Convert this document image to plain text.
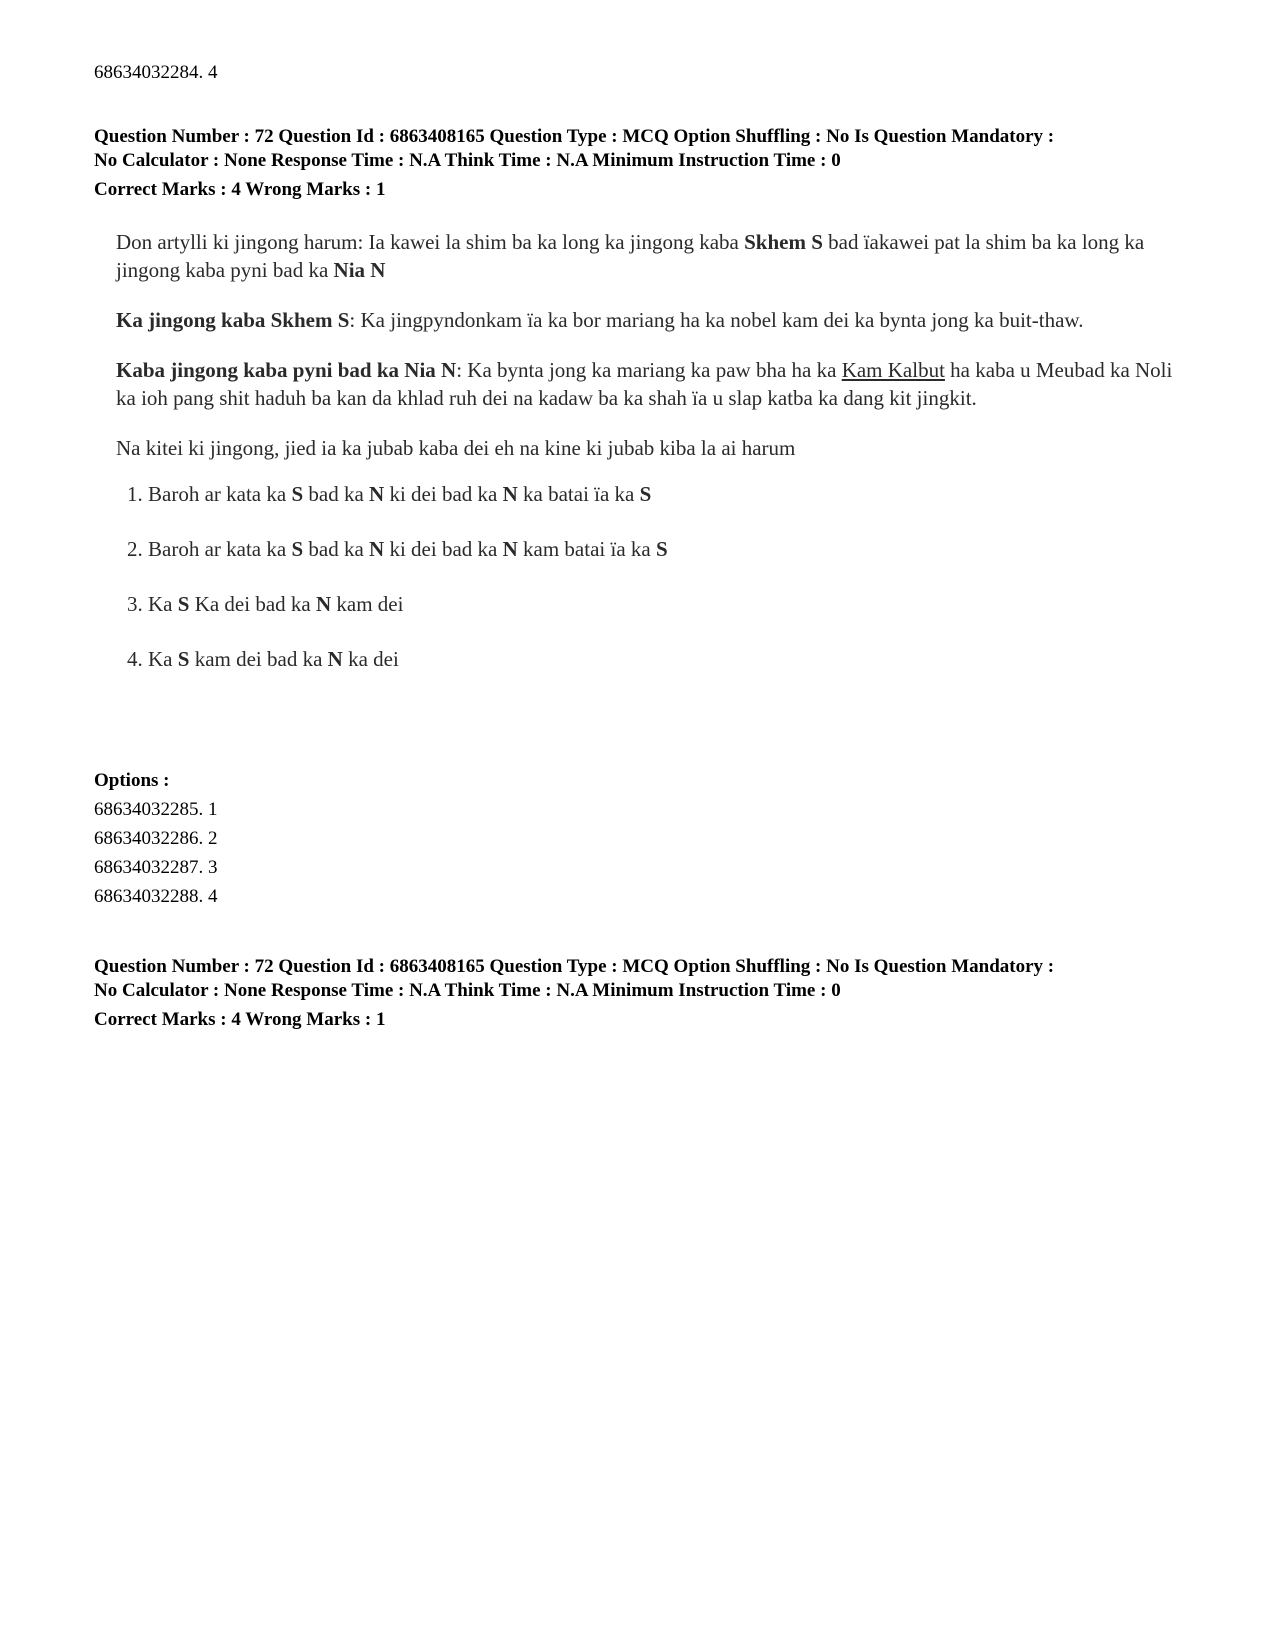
68634032284. 4
Question Number : 72 Question Id : 6863408165 Question Type : MCQ Option Shuffling : No Is Question Mandatory :
No Calculator : None Response Time : N.A Think Time : N.A Minimum Instruction Time : 0
Correct Marks : 4 Wrong Marks : 1

Don artylli ki jingong harum: Ia kawei la shim ba ka long ka jingong kaba Skhem S bad ïakawei pat la shim ba ka long ka jingong kaba pyni bad ka Nia N

Ka jingong kaba Skhem S: Ka jingpyndonkam ïa ka bor mariang ha ka nobel kam dei ka bynta jong ka buit-thaw.

Kaba jingong kaba pyni bad ka Nia N: Ka bynta jong ka mariang ka paw bha ha ka Kam Kalbut ha kaba u Meubad ka Noli ka ioh pang shit haduh ba kan da khlad ruh dei na kadaw ba ka shah ïa u slap katba ka dang kit jingkit.

Na kitei ki jingong, jied ia ka jubab kaba dei eh na kine ki jubab kiba la ai harum

1. Baroh ar kata ka S bad ka N ki dei bad ka N ka batai ïa ka S
2. Baroh ar kata ka S bad ka N ki dei bad ka N kam batai ïa ka S
3. Ka S Ka dei bad ka N kam dei
4. Ka S kam dei bad ka N ka dei
Options :
68634032285. 1
68634032286. 2
68634032287. 3
68634032288. 4
Question Number : 72 Question Id : 6863408165 Question Type : MCQ Option Shuffling : No Is Question Mandatory :
No Calculator : None Response Time : N.A Think Time : N.A Minimum Instruction Time : 0
Correct Marks : 4 Wrong Marks : 1
